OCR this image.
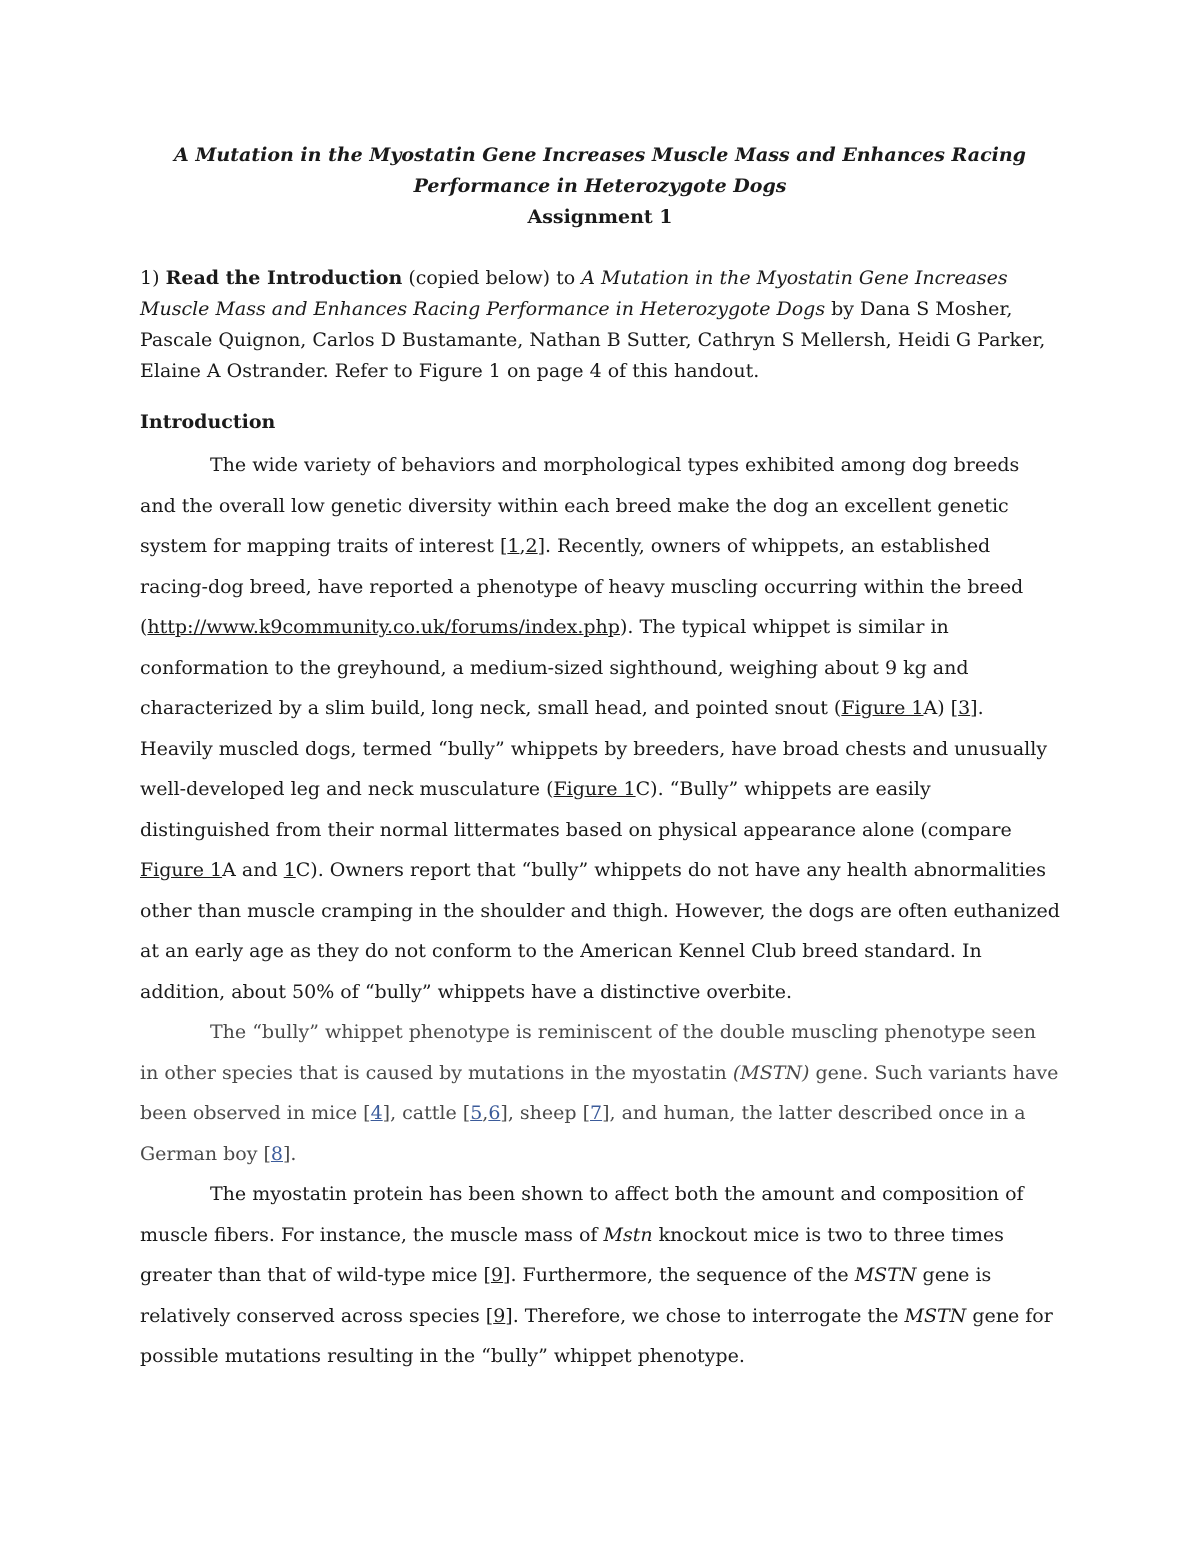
A Mutation in the Myostatin Gene Increases Muscle Mass and Enhances Racing
Performance in Heterozygote Dogs

Assignment 1

1) Read the Introduction (copied below) to A Mutation in the Myostatin Gene Increases Muscle Mass and Enhances Racing Performance in Heterozygote Dogs by Dana S Mosher, Pascale Quignon, Carlos D Bustamante, Nathan B Sutter, Cathryn S Mellersh, Heidi G Parker, Elaine A Ostrander. Refer to Figure 1 on page 4 of this handout.
Introduction

The wide variety of behaviors and morphological types exhibited among dog breeds and the overall low genetic diversity within each breed make the dog an excellent genetic system for mapping traits of interest [1,2]. Recently, owners of whippets, an established racing-dog breed, have reported a phenotype of heavy muscling occurring within the breed (http://www.k9community.co.uk/forums/index.php). The typical whippet is similar in conformation to the greyhound, a medium-sized sighthound, weighing about 9 kg and characterized by a slim build, long neck, small head, and pointed snout (Figure 1A) [3]. Heavily muscled dogs, termed “bully” whippets by breeders, have broad chests and unusually well-developed leg and neck musculature (Figure 1C). “Bully” whippets are easily distinguished from their normal littermates based on physical appearance alone (compare Figure 1A and 1C). Owners report that “bully” whippets do not have any health abnormalities other than muscle cramping in the shoulder and thigh. However, the dogs are often euthanized at an early age as they do not conform to the American Kennel Club breed standard. In addition, about 50% of “bully” whippets have a distinctive overbite.

The “bully” whippet phenotype is reminiscent of the double muscling phenotype seen in other species that is caused by mutations in the myostatin (MSTN) gene. Such variants have been observed in mice [4], cattle [5,6], sheep [7], and human, the latter described once in a German boy [8].

The myostatin protein has been shown to affect both the amount and composition of muscle fibers. For instance, the muscle mass of Mstn knockout mice is two to three times greater than that of wild-type mice [9]. Furthermore, the sequence of the MSTN gene is relatively conserved across species [9]. Therefore, we chose to interrogate the MSTN gene for possible mutations resulting in the “bully” whippet phenotype.
